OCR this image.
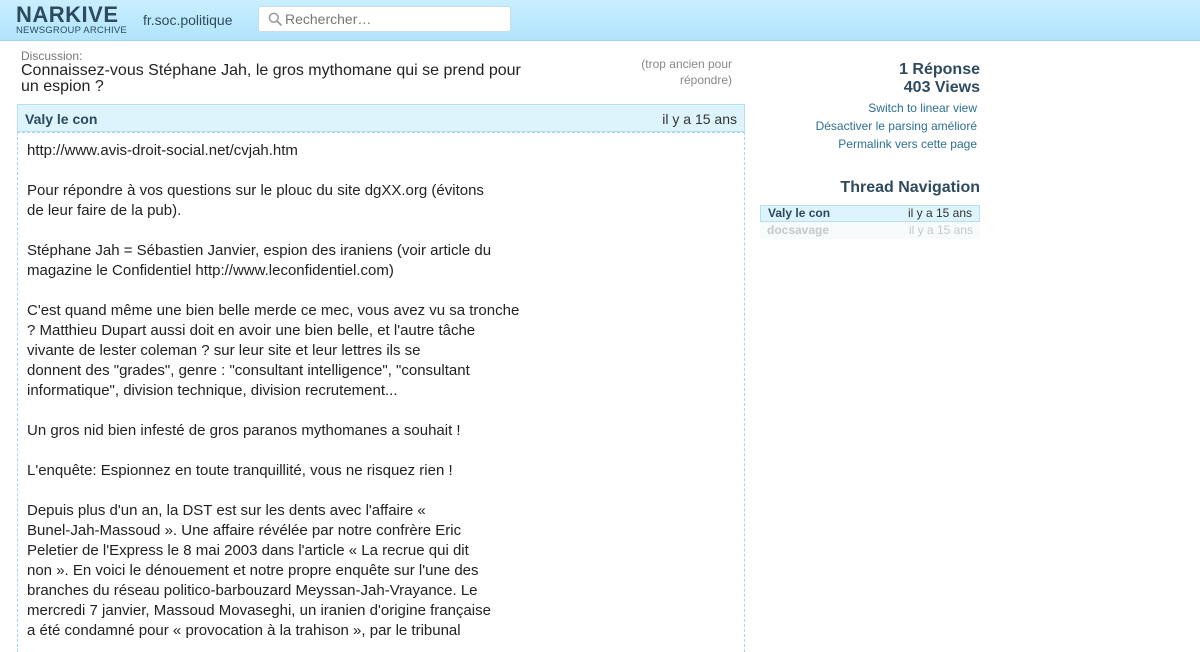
NARKIVE
NEWSGROUP ARCHIVE
fr.soc.politique
Rechercher…
Discussion:
Connaissez-vous Stéphane Jah, le gros mythomane qui se prend pour un espion ?
(trop ancien pour répondre)
Valy le con	il y a 15 ans
http://www.avis-droit-social.net/cvjah.htm

Pour répondre à vos questions sur le plouc du site dgXX.org (évitons
de leur faire de la pub).

Stéphane Jah = Sébastien Janvier, espion des iraniens (voir article du
magazine le Confidentiel http://www.leconfidentiel.com)

C'est quand même une bien belle merde ce mec, vous avez vu sa tronche
? Matthieu Dupart aussi doit en avoir une bien belle, et l'autre tâche
vivante de lester coleman ? sur leur site et leur lettres ils se
donnent des "grades", genre : "consultant intelligence", "consultant
informatique", division technique, division recrutement...

Un gros nid bien infesté de gros paranos mythomanes a souhait !

L'enquête: Espionnez en toute tranquillité, vous ne risquez rien !

Depuis plus d'un an, la DST est sur les dents avec l'affaire «
Bunel-Jah-Massoud ». Une affaire révélée par notre confrère Eric
Peletier de l'Express le 8 mai 2003 dans l'article « La recrue qui dit
non ». En voici le dénouement et notre propre enquête sur l'une des
branches du réseau politico-barbouzard Meyssan-Jah-Vrayance. Le
mercredi 7 janvier, Massoud Movaseghi, un iranien d'origine française
a été condamné pour « provocation à la trahison », par le tribunal
1 Réponse
403 Views
Switch to linear view
Désactiver le parsing amélioré
Permalink vers cette page
Thread Navigation
Valy le con	il y a 15 ans
docsavage	il y a 15 ans
